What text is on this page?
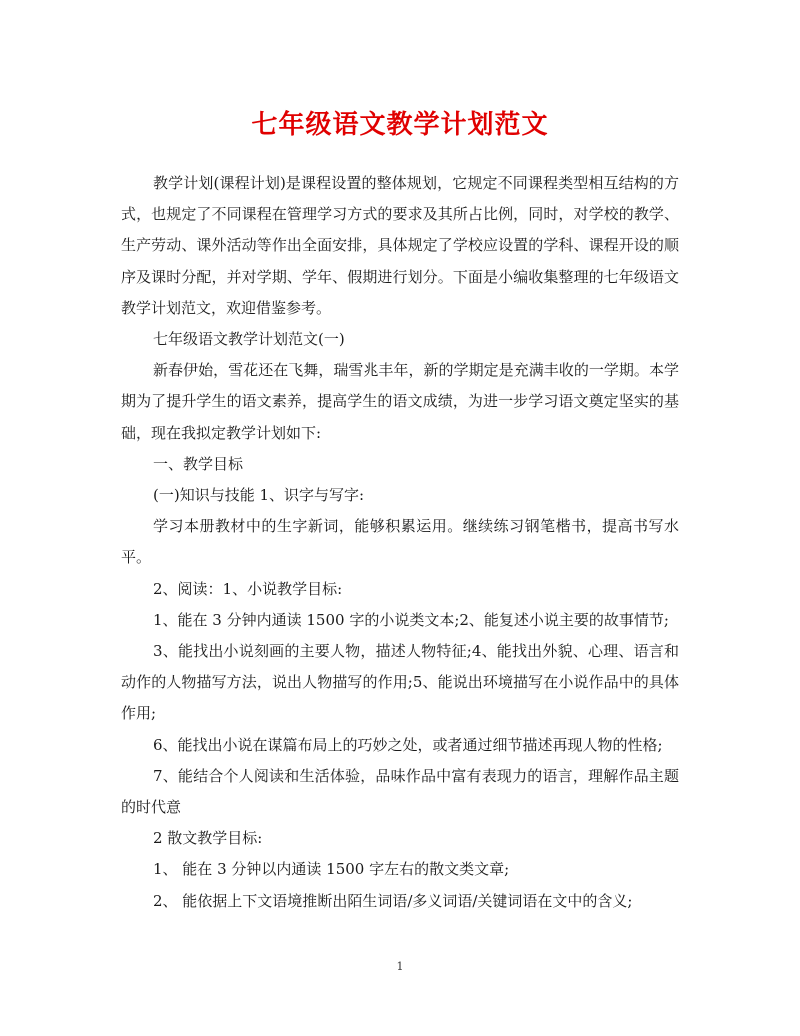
七年级语文教学计划范文

教学计划(课程计划)是课程设置的整体规划，它规定不同课程类型相互结构的方式，也规定了不同课程在管理学习方式的要求及其所占比例，同时，对学校的教学、生产劳动、课外活动等作出全面安排，具体规定了学校应设置的学科、课程开设的顺序及课时分配，并对学期、学年、假期进行划分。下面是小编收集整理的七年级语文教学计划范文，欢迎借鉴参考。

七年级语文教学计划范文(一)

新春伊始，雪花还在飞舞，瑞雪兆丰年，新的学期定是充满丰收的一学期。本学期为了提升学生的语文素养，提高学生的语文成绩，为进一步学习语文奠定坚实的基础，现在我拟定教学计划如下:

一、教学目标

(一)知识与技能 1、识字与写字:

学习本册教材中的生字新词，能够积累运用。继续练习钢笔楷书，提高书写水平。

2、阅读：1、小说教学目标:

1、能在 3 分钟内通读 1500 字的小说类文本;2、能复述小说主要的故事情节;

3、能找出小说刻画的主要人物，描述人物特征;4、能找出外貌、心理、语言和动作的人物描写方法，说出人物描写的作用;5、能说出环境描写在小说作品中的具体作用;

6、能找出小说在谋篇布局上的巧妙之处，或者通过细节描述再现人物的性格;

7、能结合个人阅读和生活体验，品味作品中富有表现力的语言，理解作品主题的时代意

2 散文教学目标:

1、 能在 3 分钟以内通读 1500 字左右的散文类文章;

2、 能依据上下文语境推断出陌生词语/多义词语/关键词语在文中的含义;

1
